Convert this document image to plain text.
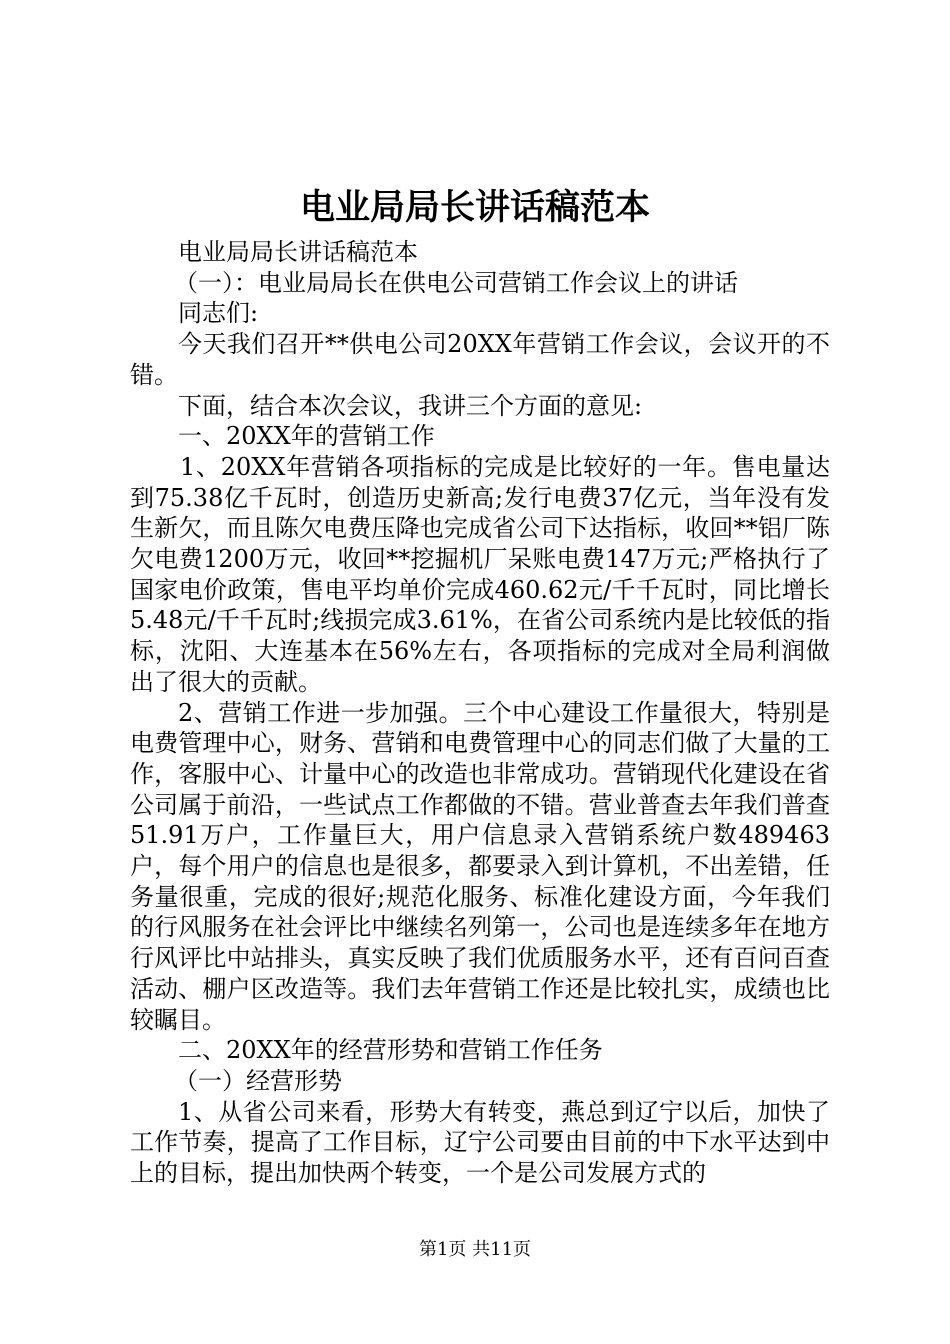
电业局局长讲话稿范本

电业局局长讲话稿范本

（一）：电业局局长在供电公司营销工作会议上的讲话

同志们:

今天我们召开**供电公司20XX年营销工作会议，会议开的不错。

下面，结合本次会议，我讲三个方面的意见:

一、20XX年的营销工作

1、20XX年营销各项指标的完成是比较好的一年。售电量达到75.38亿千瓦时，创造历史新高;发行电费37亿元，当年没有发生新欠，而且陈欠电费压降也完成省公司下达指标，收回**铝厂陈欠电费1200万元，收回**挖掘机厂呆账电费147万元;严格执行了国家电价政策，售电平均单价完成460.62元/千千瓦时，同比增长5.48元/千千瓦时;线损完成3.61%，在省公司系统内是比较低的指标，沈阳、大连基本在56%左右，各项指标的完成对全局利润做出了很大的贡献。

2、营销工作进一步加强。三个中心建设工作量很大，特别是电费管理中心，财务、营销和电费管理中心的同志们做了大量的工作，客服中心、计量中心的改造也非常成功。营销现代化建设在省公司属于前沿，一些试点工作都做的不错。营业普查去年我们普查51.91万户，工作量巨大，用户信息录入营销系统户数489463户，每个用户的信息也是很多，都要录入到计算机，不出差错，任务量很重，完成的很好;规范化服务、标准化建设方面，今年我们的行风服务在社会评比中继续名列第一，公司也是连续多年在地方行风评比中站排头，真实反映了我们优质服务水平，还有百问百查活动、棚户区改造等。我们去年营销工作还是比较扎实，成绩也比较瞩目。

二、20XX年的经营形势和营销工作任务

（一）经营形势

1、从省公司来看，形势大有转变，燕总到辽宁以后，加快了工作节奏，提高了工作目标，辽宁公司要由目前的中下水平达到中上的目标，提出加快两个转变，一个是公司发展方式的

第1页 共11页
